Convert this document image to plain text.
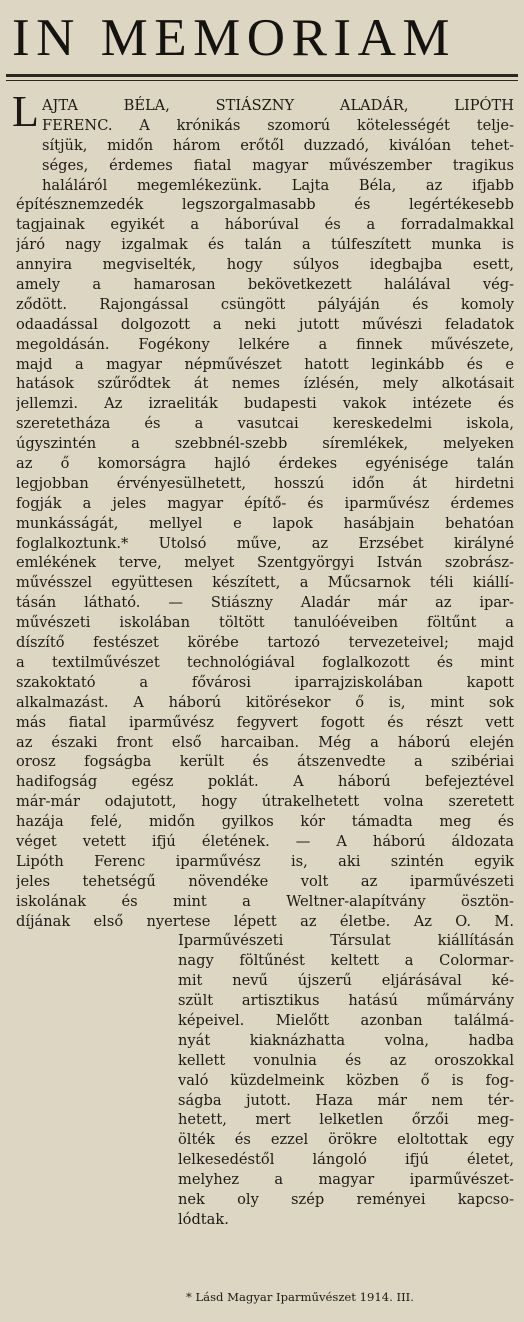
IN MEMORIAM
L AJTA BÉLA, STIÁSZNY ALADÁR, LIPÓTH
FERENC. A krónikás szomorú kötelességét telje-
sítjük, midőn három erőtől duzzadó, kiválóan tehet-
séges, érdemes fiatal magyar művészember tragikus
haláláról megemlékezünk. Lajta Béla, az ifjabb
építésznemzedék legszorgalmasabb és legértékesebb
tagjainak egyikét a háborúval és a forradalmakkal
járó nagy izgalmak és talán a túlfeszített munka is
annyira megviselték, hogy súlyos idegbajba esett,
amely a hamarosan bekövetkezett halálával vég-
ződött. Rajongással csüngött pályáján és komoly
odaadással dolgozott a neki jutott művészi feladatok
megoldásán. Fogékony lelkére a finnek művészete,
majd a magyar népművészet hatott leginkább és e
hatások szűrődtek át nemes ízlésén, mely alkotásait
jellemzi. Az izraeliták budapesti vakok intézete és
szeretetháza és a vasutcai kereskedelmi iskola,
úgyszintén a szebbnél-szebb síremlékek, melyeken
az ő komorságra hajló érdekes egyénisége talán
legjobban érvényesülhetett, hosszú időn át hirdetni
fogják a jeles magyar építő- és iparművész érdemes
munkásságát, mellyel e lapok hasábjain behatóan
foglalkoztunk.* Utolsó műve, az Erzsébet királyné
emlékének terve, melyet Szentgyörgyi István szobrász-
művésszel együttesen készített, a Műcsarnok téli kiállí-
tásán látható. — Stiászny Aladár már az ipar-
művészeti iskolában töltött tanulóéveiben föltűnt a
díszítő festészet körébe tartozó tervezeteivel; majd
a textilművészet technológiával foglalkozott és mint
szakoktató a fővárosi iparrajziskolában kapott
alkalmazást. A háború kitörésekor ő is, mint sok
más fiatal iparművész fegyvert fogott és részt vett
az északi front első harcaiban. Még a háború elején
orosz fogságba került és átszenvedte a szibériai
hadifogság egész poklát. A háború befejeztével
már-már odajutott, hogy útrakelhetett volna szeretett
hazája felé, midőn gyilkos kór támadta meg és
véget vetett ifjú életének. — A háború áldozata
Lipóth Ferenc iparművész is, aki szintén egyik
jeles tehetségű növendéke volt az iparművészeti
iskolának és mint a Weltner-alapítvány ösztön-
díjának első nyertese lépett az életbe. Az O. M.
Iparművészeti Társulat kiállításán
nagy föltűnést keltett a Colormar-
mit nevű újszerű eljárásával ké-
szült artisztikus hatású műmárvány
képeivel. Mielőtt azonban találmá-
nyát kiaknázhatta volna, hadba
kellett vonulnia és az oroszokkal
való küzdelmeink közben ő is fog-
ságba jutott. Haza már nem tér-
hetett, mert lelketlen őrzői meg-
ölték és ezzel örökre eloltottak egy
lelkesedéstől lángoló ifjú életet,
melyhez a magyar iparművészet-
nek oly szép reményei kapcso-
lódtak.
* Lásd Magyar Iparművészet 1914. III.
